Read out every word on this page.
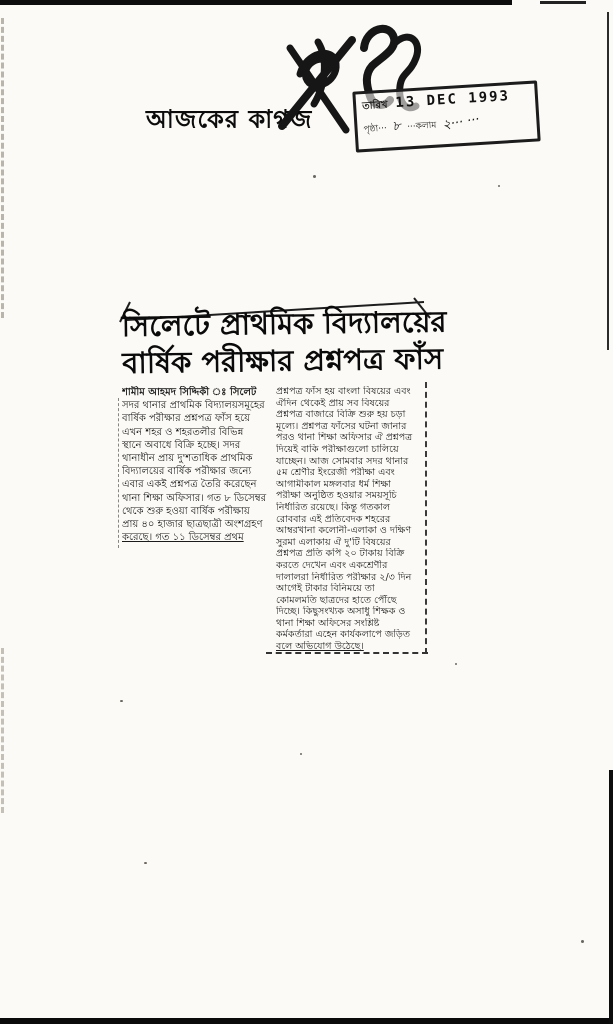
আজকের কাগজ	তারিখ 13 DEC 1993
পৃষ্ঠা··· ৮ ···কলাম ২··· ···
সিলেটে প্রাথমিক বিদ্যালয়ের
বার্ষিক পরীক্ষার প্রশ্নপত্র ফাঁস
শামীম আহমদ সিদ্দিকী ঃ সিলেট
সদর থানার প্রাথমিক বিদ্যালয়সমূহের
বার্ষিক পরীক্ষার প্রশ্নপত্র ফাঁস হয়ে
এখন শহর ও শহরতলীর বিভিন্ন
স্থানে অবাধে বিক্রি হচ্ছে। সদর
থানাধীন প্রায় দু'শতাধিক প্রাথমিক
বিদ্যালয়ের বার্ষিক পরীক্ষার জন্যে
এবার একই প্রশ্নপত্র তৈরি করেছেন
থানা শিক্ষা অফিসার। গত ৮ ডিসেম্বর
থেকে শুরু হওয়া বার্ষিক পরীক্ষায়
প্রায় ৪০ হাজার ছাত্রছাত্রী অংশগ্রহণ
করেছে। গত ১১ ডিসেম্বর প্রথম
প্রশ্নপত্র ফাঁস হয় বাংলা বিষয়ের এবং
ঐদিন থেকেই প্রায় সব বিষয়ের
প্রশ্নপত্র বাজারে বিক্রি শুরু হয় চড়া
মূল্যে। প্রশ্নপত্র ফাঁসের ঘটনা জানার
পরও থানা শিক্ষা অফিসার ঐ প্রশ্নপত্র
দিয়েই বাকি পরীক্ষাগুলো চালিয়ে
যাচ্ছেন। আজ সোমবার সদর থানার
৫ম শ্রেণীর ইংরেজী পরীক্ষা এবং
আগামীকাল মঙ্গলবার ধর্ম শিক্ষা
পরীক্ষা অনুষ্ঠিত হওয়ার সময়সূচি
নির্ধারিত রয়েছে। কিন্তু গতকাল
রোববার এই প্রতিবেদক শহরের
আম্বরখানা কলোনী-এলাকা ও দক্ষিণ
সুরমা এলাকায় ঐ দু'টি বিষয়ের
প্রশ্নপত্র প্রতি কপি ২০ টাকায় বিক্রি
করতে দেখেন এবং একশ্রেণীর
দালালরা নির্ধারিত পরীক্ষার ২/৩ দিন
আগেই টাকার বিনিময়ে তা
কোমলমতি ছাত্রদের হাতে পৌঁছে
দিচ্ছে। কিছুসংখ্যক অসাধু শিক্ষক ও
থানা শিক্ষা অফিসের সংশ্লিষ্ট
কর্মকর্তারা এহেন কার্যকলাপে জড়িত
বলে অভিযোগ উঠেছে।
